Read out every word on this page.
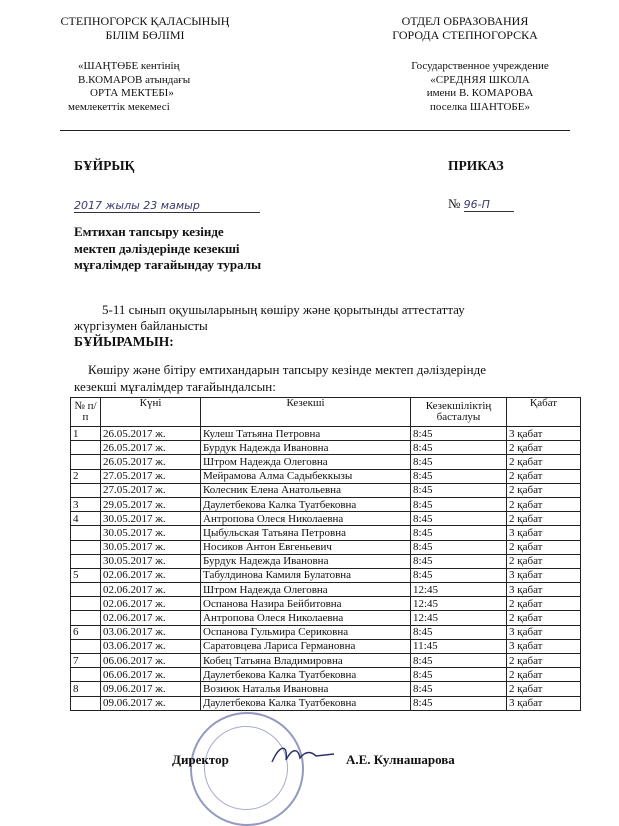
СТЕПНОГОРСК ҚАЛАСЫНЫҢ
БІЛІМ БӨЛІМІ
«ШАҢТӨБЕ кентінің
В.КОМАРОВ атындағы
ОРТА МЕКТЕБІ»
мемлекеттік мекемесі
ОТДЕЛ ОБРАЗОВАНИЯ
ГОРОДА СТЕПНОГОРСКА
Государственное учреждение
«СРЕДНЯЯ ШКОЛА
имени В. КОМАРОВА
поселка ШАНТОБЕ»
БҰЙРЫҚ	ПРИКАЗ
2017 жылы 23 мамыр	№ 96-П
Емтихан тапсыру кезінде
мектеп дәліздерінде кезекші
мұғалімдер тағайындау туралы
5-11 сынып оқушыларының көшіру және қорытынды аттестаттау
жүргізумен байланысты
БҰЙЫРАМЫН:
Көшіру және бітіру емтихандарын тапсыру кезінде мектеп дәліздерінде
кезекші мұғалімдер тағайындалсын:
№ п/п	Күні	Кезекші	Кезекшіліктің басталуы	Қабат
1	26.05.2017 ж.	Кулеш Татьяна Петровна	8:45	3 қабат
	26.05.2017 ж.	Бурдук Надежда Ивановна	8:45	2 қабат
	26.05.2017 ж.	Штром Надежда Олеговна	8:45	2 қабат
2	27.05.2017 ж.	Мейрамова Алма Садыбеккызы	8:45	2 қабат
	27.05.2017 ж.	Колесник Елена Анатольевна	8:45	2 қабат
3	29.05.2017 ж.	Даулетбекова Калка Туатбековна	8:45	2 қабат
4	30.05.2017 ж.	Антропова Олеся Николаевна	8:45	2 қабат
	30.05.2017 ж.	Цыбульская Татьяна Петровна	8:45	3 қабат
	30.05.2017 ж.	Носиков Антон Евгеньевич	8:45	2 қабат
	30.05.2017 ж.	Бурдук Надежда Ивановна	8:45	2 қабат
5	02.06.2017 ж.	Табулдинова Камиля Булатовна	8:45	3 қабат
	02.06.2017 ж.	Штром Надежда Олеговна	12:45	3 қабат
	02.06.2017 ж.	Оспанова Назира Бейбитовна	12:45	2 қабат
	02.06.2017 ж.	Антропова Олеся Николаевна	12:45	2 қабат
6	03.06.2017 ж.	Оспанова Гульмира Сериковна	8:45	3 қабат
	03.06.2017 ж.	Саратовцева Лариса Германовна	11:45	3 қабат
7	06.06.2017 ж.	Кобец Татьяна Владимировна	8:45	2 қабат
	06.06.2017 ж.	Даулетбекова Калка Туатбековна	8:45	2 қабат
8	09.06.2017 ж.	Возиюк Наталья Ивановна	8:45	2 қабат
	09.06.2017 ж.	Даулетбекова Калка Туатбековна	8:45	3 қабат
Директор	А.Е. Кулнашарова
